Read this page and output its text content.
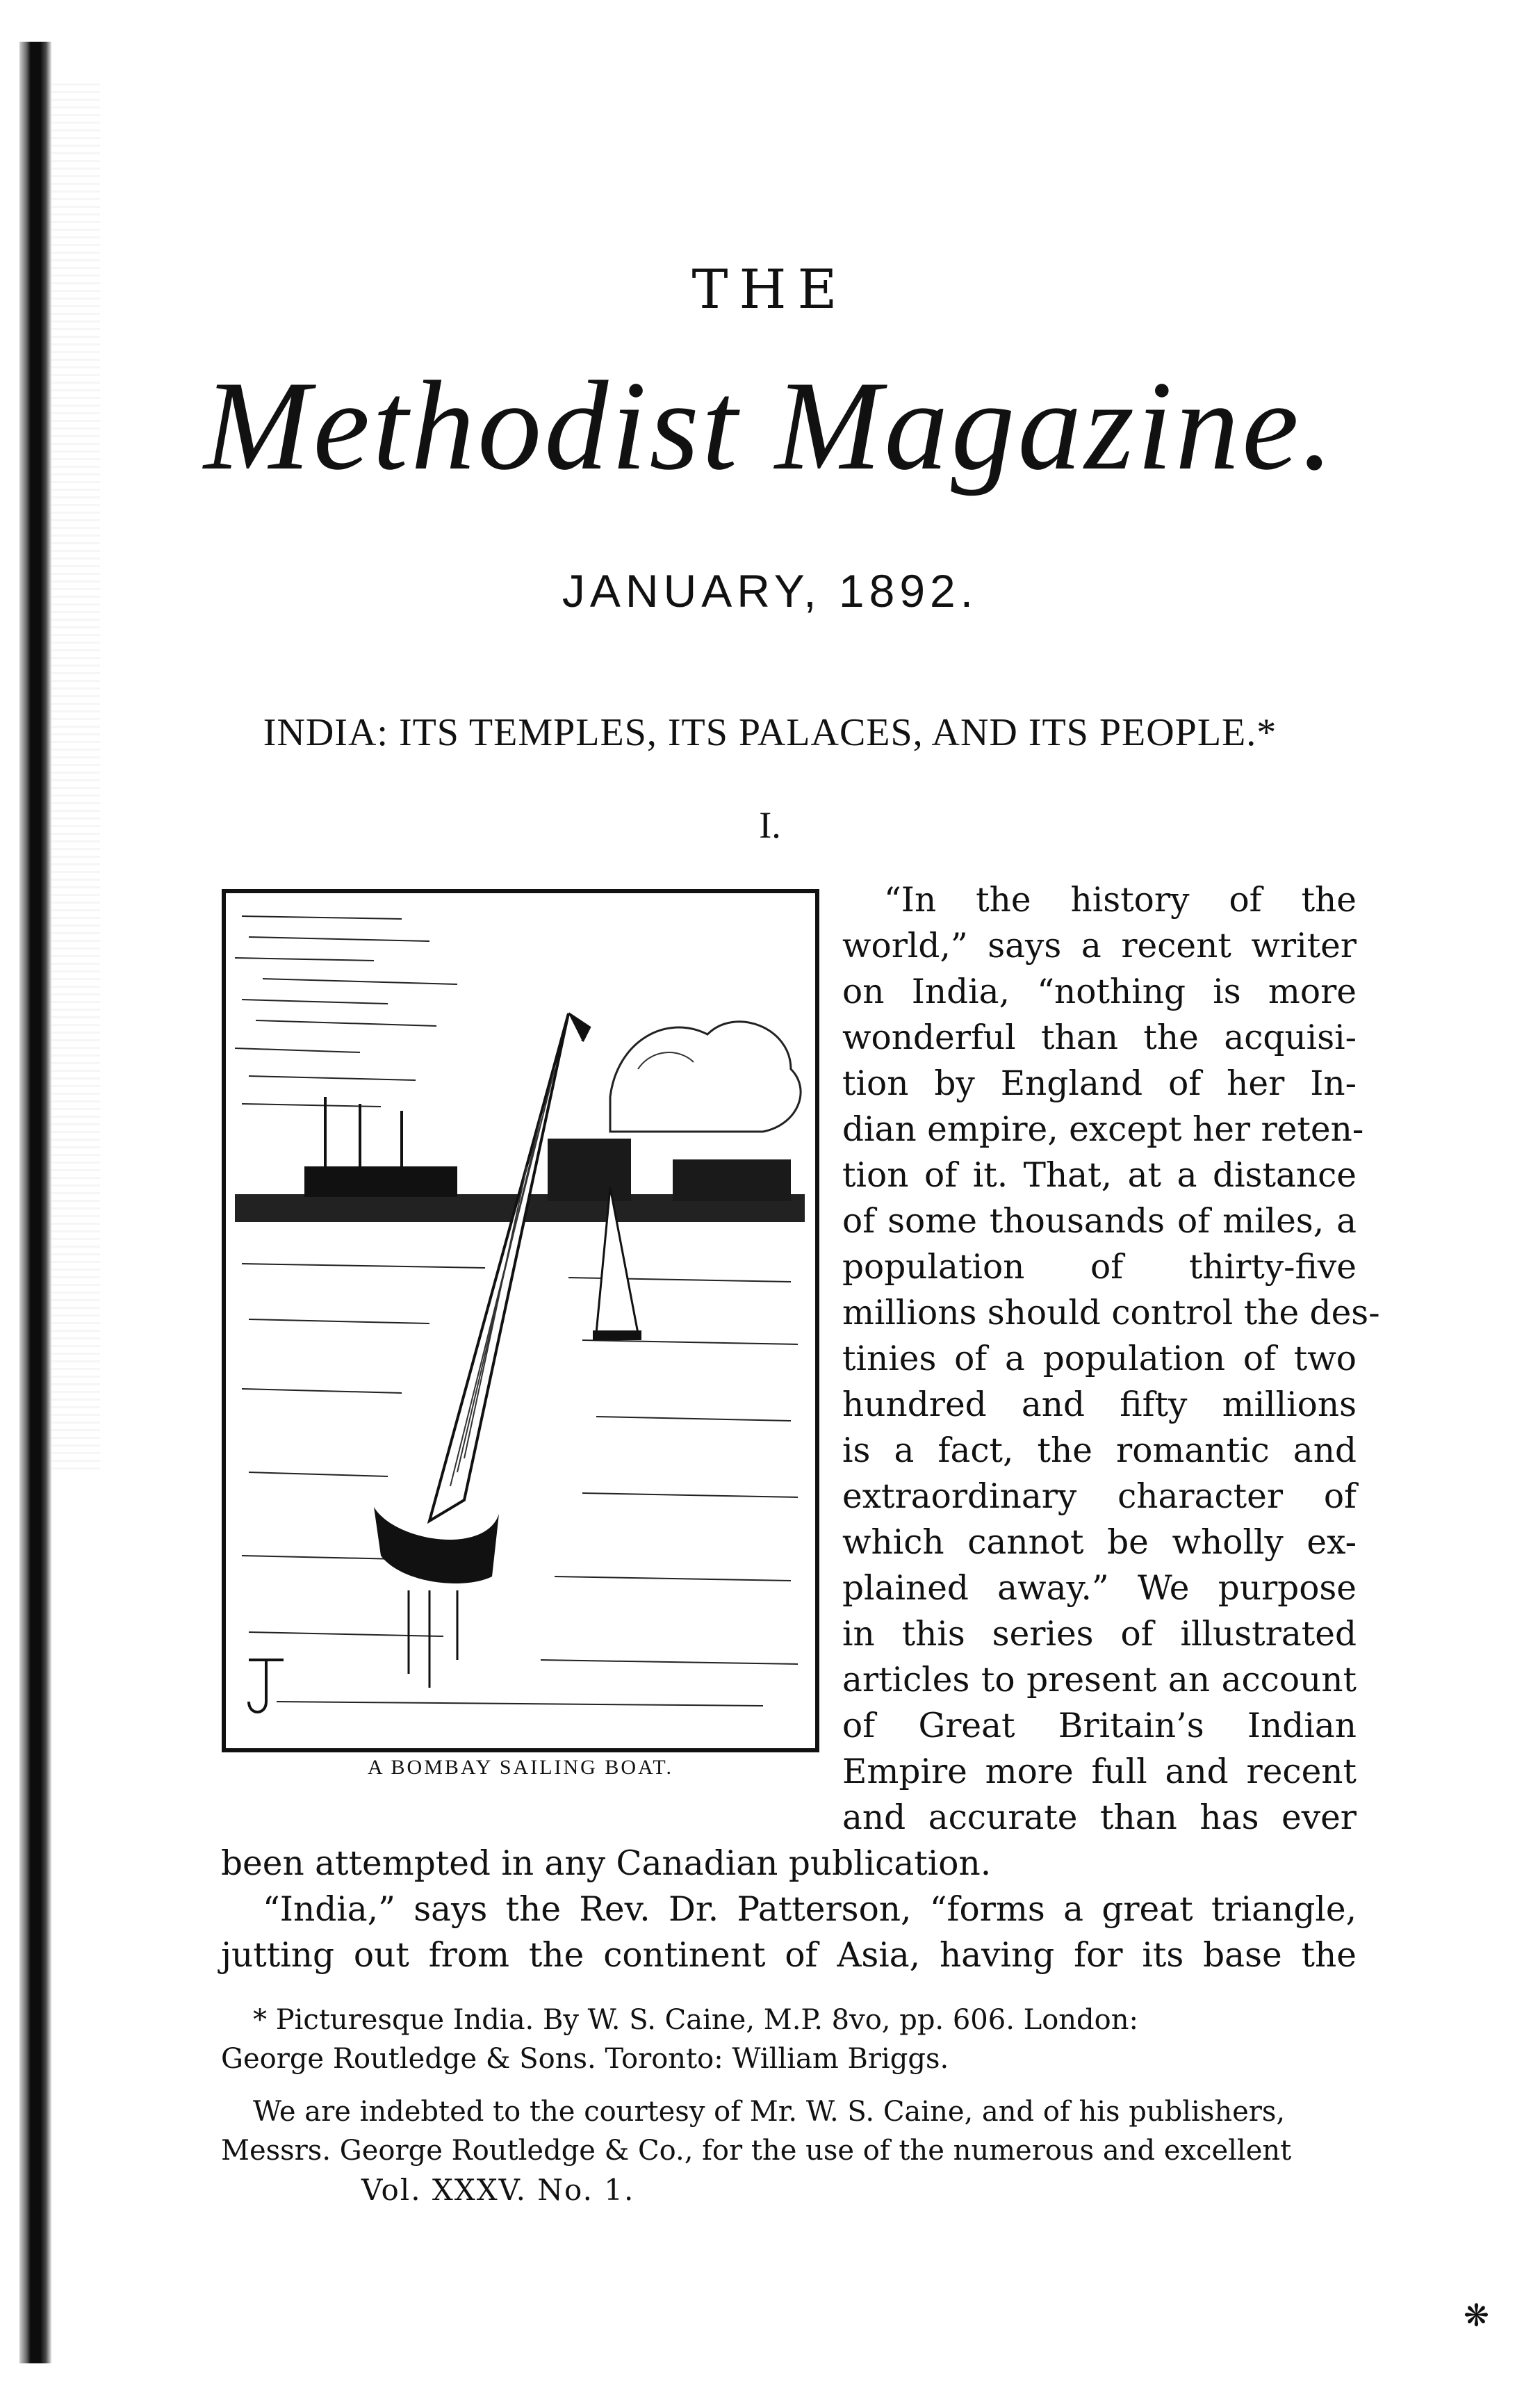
THE
Methodist Magazine.
JANUARY, 1892.
INDIA: ITS TEMPLES, ITS PALACES, AND ITS PEOPLE.*
I.
A BOMBAY SAILING BOAT.
“In the history of the
world,” says a recent writer
on India, “nothing is more
wonderful than the acquisi-
tion by England of her In-
dian empire, except her reten-
tion of it. That, at a distance
of some thousands of miles, a
population of thirty-five
millions should control the des-
tinies of a population of two
hundred and fifty millions
is a fact, the romantic and
extraordinary character of
which cannot be wholly ex-
plained away.” We purpose
in this series of illustrated
articles to present an account
of Great Britain’s Indian
Empire more full and recent
and accurate than has ever
been attempted in any Canadian publication.
“India,” says the Rev. Dr. Patterson, “forms a great triangle,
jutting out from the continent of Asia, having for its base the
* Picturesque India. By W. S. Caine, M.P. 8vo, pp. 606. London:
George Routledge & Sons. Toronto: William Briggs.
We are indebted to the courtesy of Mr. W. S. Caine, and of his publishers,
Messrs. George Routledge & Co., for the use of the numerous and excellent
Vol. XXXV. No. 1.
❋
